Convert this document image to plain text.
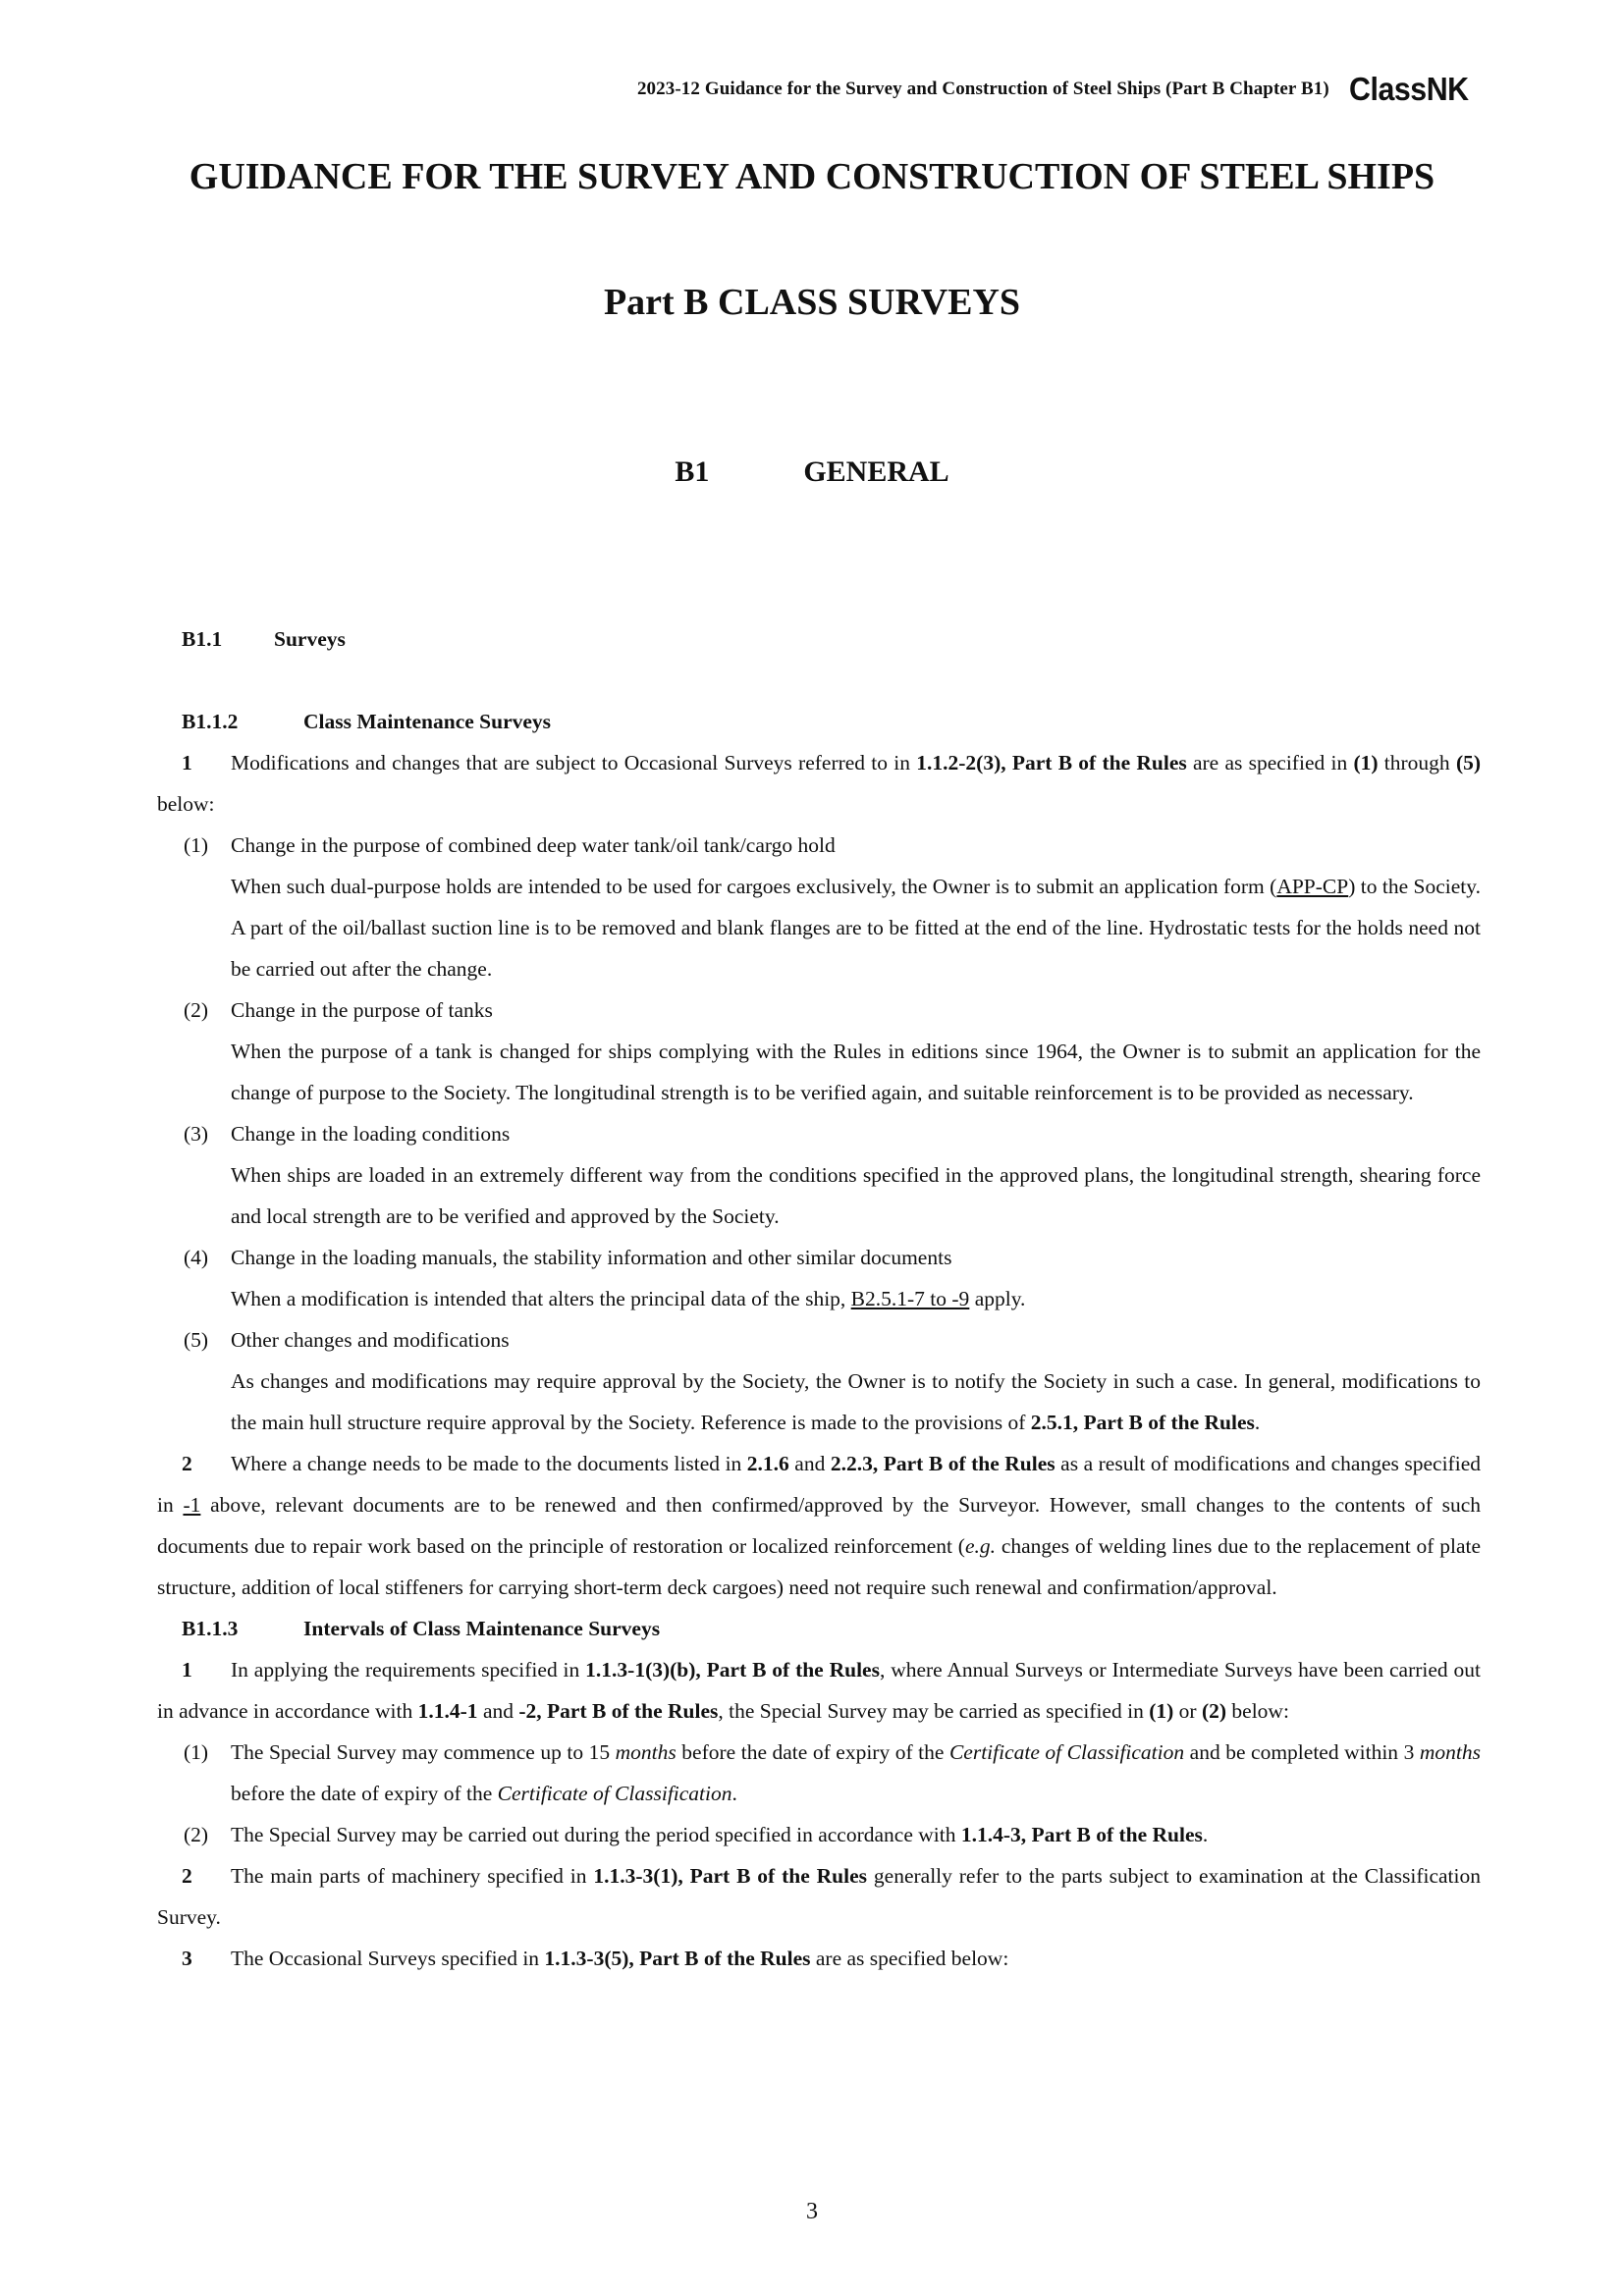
2023-12 Guidance for the Survey and Construction of Steel Ships (Part B Chapter B1) ClassNK
GUIDANCE FOR THE SURVEY AND CONSTRUCTION OF STEEL SHIPS
Part B CLASS SURVEYS
B1	GENERAL

B1.1 Surveys

B1.1.2	Class Maintenance Surveys

1 Modifications and changes that are subject to Occasional Surveys referred to in 1.1.2-2(3), Part B of the Rules are as specified in (1) through (5) below:

(1) Change in the purpose of combined deep water tank/oil tank/cargo hold

When such dual-purpose holds are intended to be used for cargoes exclusively, the Owner is to submit an application form (APP-CP) to the Society. A part of the oil/ballast suction line is to be removed and blank flanges are to be fitted at the end of the line. Hydrostatic tests for the holds need not be carried out after the change.

(2) Change in the purpose of tanks

When the purpose of a tank is changed for ships complying with the Rules in editions since 1964, the Owner is to submit an application for the change of purpose to the Society. The longitudinal strength is to be verified again, and suitable reinforcement is to be provided as necessary.

(3) Change in the loading conditions

When ships are loaded in an extremely different way from the conditions specified in the approved plans, the longitudinal strength, shearing force and local strength are to be verified and approved by the Society.

(4) Change in the loading manuals, the stability information and other similar documents

When a modification is intended that alters the principal data of the ship, B2.5.1-7 to -9 apply.

(5) Other changes and modifications

As changes and modifications may require approval by the Society, the Owner is to notify the Society in such a case. In general, modifications to the main hull structure require approval by the Society. Reference is made to the provisions of 2.5.1, Part B of the Rules.

2 Where a change needs to be made to the documents listed in 2.1.6 and 2.2.3, Part B of the Rules as a result of modifications and changes specified in -1 above, relevant documents are to be renewed and then confirmed/approved by the Surveyor. However, small changes to the contents of such documents due to repair work based on the principle of restoration or localized reinforcement (e.g. changes of welding lines due to the replacement of plate structure, addition of local stiffeners for carrying short-term deck cargoes) need not require such renewal and confirmation/approval.

B1.1.3	Intervals of Class Maintenance Surveys

1 In applying the requirements specified in 1.1.3-1(3)(b), Part B of the Rules, where Annual Surveys or Intermediate Surveys have been carried out in advance in accordance with 1.1.4-1 and -2, Part B of the Rules, the Special Survey may be carried as specified in (1) or (2) below:

(1) The Special Survey may commence up to 15 months before the date of expiry of the Certificate of Classification and be completed within 3 months before the date of expiry of the Certificate of Classification.

(2) The Special Survey may be carried out during the period specified in accordance with 1.1.4-3, Part B of the Rules.

2 The main parts of machinery specified in 1.1.3-3(1), Part B of the Rules generally refer to the parts subject to examination at the Classification Survey.

3 The Occasional Surveys specified in 1.1.3-3(5), Part B of the Rules are as specified below:

3
